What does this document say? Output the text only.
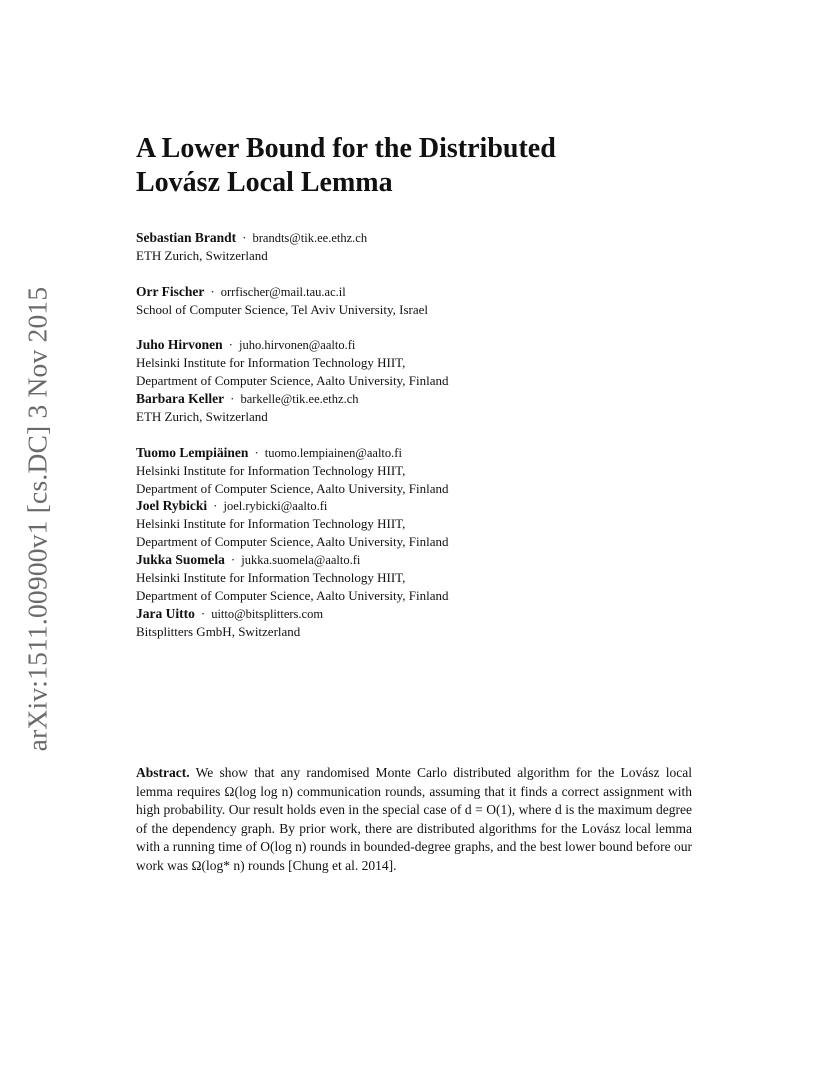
arXiv:1511.00900v1 [cs.DC] 3 Nov 2015
A Lower Bound for the Distributed
Lovász Local Lemma
Sebastian Brandt · brandts@tik.ee.ethz.ch
ETH Zurich, Switzerland
Orr Fischer · orrfischer@mail.tau.ac.il
School of Computer Science, Tel Aviv University, Israel
Juho Hirvonen · juho.hirvonen@aalto.fi
Helsinki Institute for Information Technology HIIT,
Department of Computer Science, Aalto University, Finland
Barbara Keller · barkelle@tik.ee.ethz.ch
ETH Zurich, Switzerland
Tuomo Lempiäinen · tuomo.lempiainen@aalto.fi
Helsinki Institute for Information Technology HIIT,
Department of Computer Science, Aalto University, Finland
Joel Rybicki · joel.rybicki@aalto.fi
Helsinki Institute for Information Technology HIIT,
Department of Computer Science, Aalto University, Finland
Jukka Suomela · jukka.suomela@aalto.fi
Helsinki Institute for Information Technology HIIT,
Department of Computer Science, Aalto University, Finland
Jara Uitto · uitto@bitsplitters.com
Bitsplitters GmbH, Switzerland

Abstract. We show that any randomised Monte Carlo distributed algorithm for the Lovász local lemma requires Ω(log log n) communication rounds, assuming that it finds a correct assignment with high probability. Our result holds even in the special case of d = O(1), where d is the maximum degree of the dependency graph. By prior work, there are distributed algorithms for the Lovász local lemma with a running time of O(log n) rounds in bounded-degree graphs, and the best lower bound before our work was Ω(log* n) rounds [Chung et al. 2014].
